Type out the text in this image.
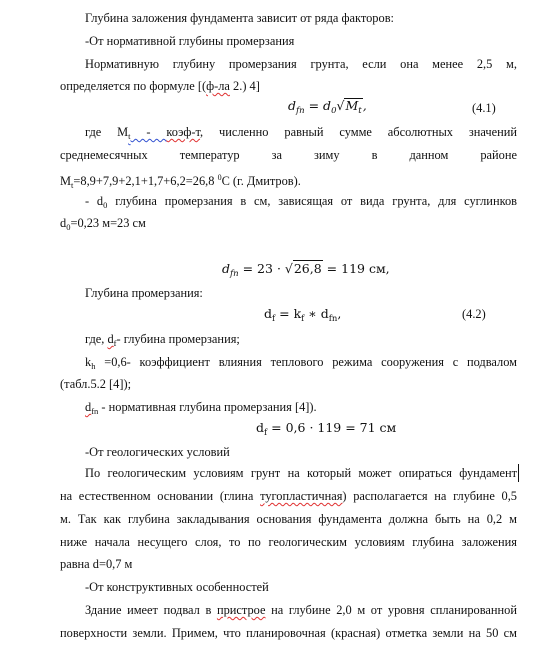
Глубина заложения фундамента зависит от ряда факторов:
-От нормативной глубины промерзания
Нормативную глубину промерзания грунта, если она менее 2,5 м,
определяется по формуле [(ф-ла 2.) 4]
$d_{fn} = d_0√M_t$,	(4.1)
где $M_t$ - коэф-т, численно равный сумме абсолютных значений
среднемесячных температур за зиму в данном районе
$M_t=8,9+7,9+2,1+1,7+6,2=26,8$ $^0$С (г. Дмитров).
- $d_0$ глубина промерзания в см, зависящая от вида грунта, для суглинков
$d_0=0,23$ м=23 см
$d_{fn} = 23 \cdot √26,8 = 119$ см,
Глубина промерзания:
$d_f = k_f$ ∗ $d_{fn}$,	(4.2)
где, $d_f-$ глубина промерзания;
$k_h =0,6-$ коэффициент влияния теплового режима сооружения с подвалом
(табл.5.2 [4]);
$d_{fn}$ - нормативная глубина промерзания [4]).
$d_f = 0,6 \cdot 119 = 71$ см
-От геологических условий
По геологическим условиям грунт на который может опираться фундамент
на естественном основании (глина тугопластичная) располагается на глубине 0,5
м. Так как глубина закладывания основания фундамента должна быть на 0,2 м
ниже начала несущего слоя, то по геологическим условиям глубина заложения
равна d=0,7 м
-От конструктивных особенностей
Здание имеет подвал в пристрое на глубине 2,0 м от уровня спланированной
поверхности земли. Примем, что планировочная (красная) отметка земли на 50 см
